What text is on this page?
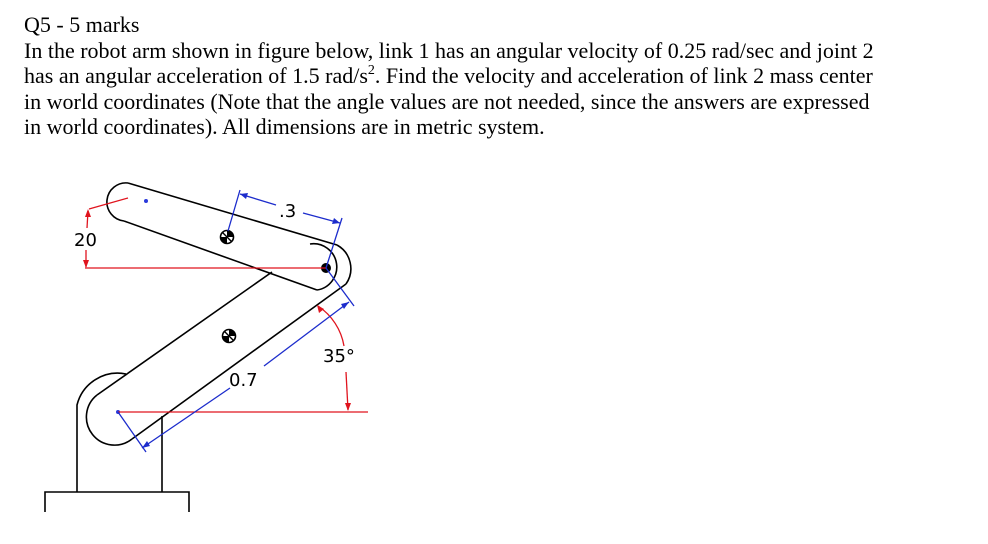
Q5 - 5 marks

In the robot arm shown in figure below, link 1 has an angular velocity of 0.25 rad/sec and joint 2
has an angular acceleration of 1.5 rad/$s^2$. Find the velocity and acceleration of link 2 mass center
in world coordinates (Note that the angle values are not needed, since the answers are expressed
in world coordinates). All dimensions are in metric system.

20
.3
0.7
35°
